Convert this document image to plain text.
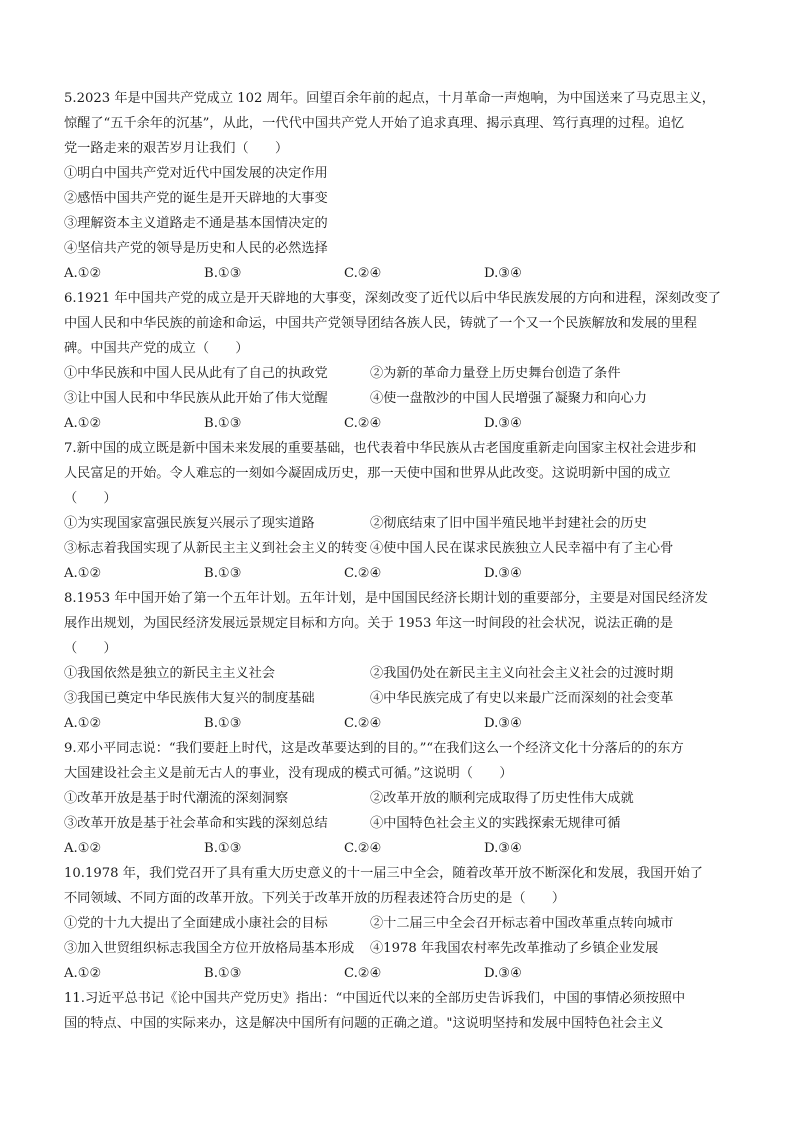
5.2023 年是中国共产党成立 102 周年。回望百余年前的起点，十月革命一声炮响，为中国送来了马克思主义，
惊醒了“五千余年的沉基”，从此，一代代中国共产党人开始了追求真理、揭示真理、笃行真理的过程。追忆
党一路走来的艰苦岁月让我们（　　）
①明白中国共产党对近代中国发展的决定作用
②感悟中国共产党的诞生是开天辟地的大事变
③理解资本主义道路走不通是基本国情决定的
④坚信共产党的领导是历史和人民的必然选择
A.①②	B.①③	C.②④	D.③④
6.1921 年中国共产党的成立是开天辟地的大事变，深刻改变了近代以后中华民族发展的方向和进程，深刻改变了
中国人民和中华民族的前途和命运，中国共产党领导团结各族人民，铸就了一个又一个民族解放和发展的里程
碑。中国共产党的成立（　　）
①中华民族和中国人民从此有了自己的执政党	②为新的革命力量登上历史舞台创造了条件
③让中国人民和中华民族从此开始了伟大觉醒	④使一盘散沙的中国人民增强了凝聚力和向心力
A.①②	B.①③	C.②④	D.③④
7.新中国的成立既是新中国未来发展的重要基础，也代表着中华民族从古老国度重新走向国家主权社会进步和
人民富足的开始。令人难忘的一刻如今凝固成历史，那一天使中国和世界从此改变。这说明新中国的成立
（　　）
①为实现国家富强民族复兴展示了现实道路	②彻底结束了旧中国半殖民地半封建社会的历史
③标志着我国实现了从新民主主义到社会主义的转变 ④使中国人民在谋求民族独立人民幸福中有了主心骨
A.①②	B.①③	C.②④	D.③④
8.1953 年中国开始了第一个五年计划。五年计划，是中国国民经济长期计划的重要部分，主要是对国民经济发
展作出规划，为国民经济发展远景规定目标和方向。关于 1953 年这一时间段的社会状况，说法正确的是
（　　）
①我国依然是独立的新民主主义社会	②我国仍处在新民主主义向社会主义社会的过渡时期
③我国已奠定中华民族伟大复兴的制度基础	④中华民族完成了有史以来最广泛而深刻的社会变革
A.①②	B.①③	C.②④	D.③④
9.邓小平同志说：“我们要赶上时代，这是改革要达到的目的。”“在我们这么一个经济文化十分落后的的东方
大国建设社会主义是前无古人的事业，没有现成的模式可循。”这说明（　　）
①改革开放是基于时代潮流的深刻洞察	②改革开放的顺利完成取得了历史性伟大成就
③改革开放是基于社会革命和实践的深刻总结	④中国特色社会主义的实践探索无规律可循
A.①②	B.①③	C.②④	D.③④
10.1978 年，我们党召开了具有重大历史意义的十一届三中全会，随着改革开放不断深化和发展，我国开始了
不同领域、不同方面的改革开放。下列关于改革开放的历程表述符合历史的是（　　）
①党的十九大提出了全面建成小康社会的目标	②十二届三中全会召开标志着中国改革重点转向城市
③加入世贸组织标志我国全方位开放格局基本形成	④1978 年我国农村率先改革推动了乡镇企业发展
A.①②	B.①③	C.②④	D.③④
11.习近平总书记《论中国共产党历史》指出：“中国近代以来的全部历史告诉我们，中国的事情必须按照中
国的特点、中国的实际来办，这是解决中国所有问题的正确之道。"这说明坚持和发展中国特色社会主义
